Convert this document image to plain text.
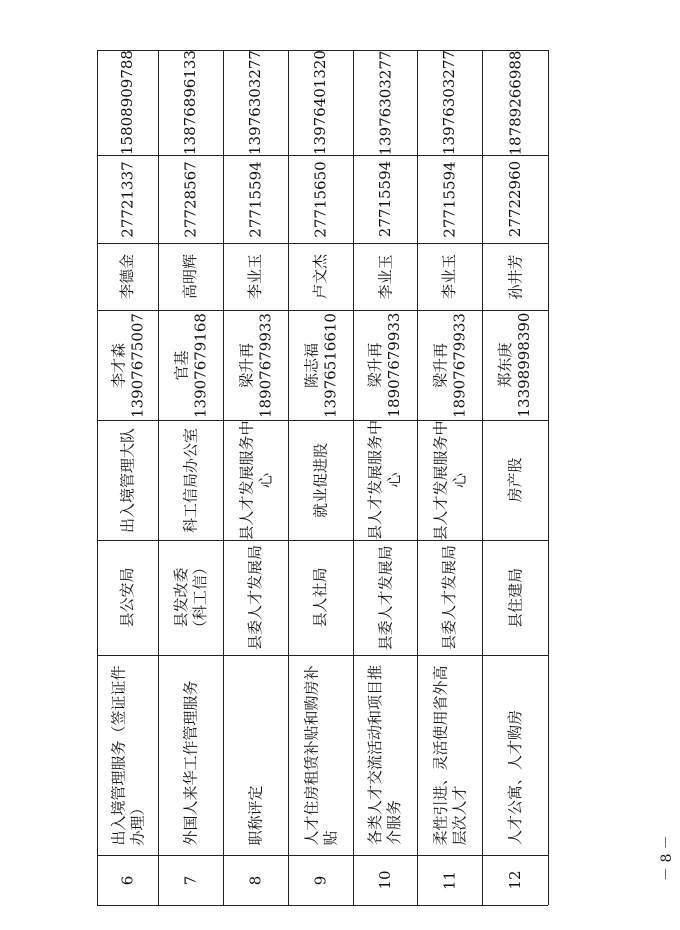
15808909788
27721337
李德金
李才森 13907675007
出入境管理大队
县公安局
出入境管理服务（签证证件办理）
6
13876896133
27728567
高明辉
官基 13907679168
科工信局办公室
县发改委 （科工信）
外国人来华工作管理服务
7
13976303277
27715594
李业玉
梁升再 18907679933
县人才发展服务中心
县委人才发展局
职称评定
8
13976401320
27715650
卢文杰
陈志福 13976516610
就业促进股
县人社局
人才住房租赁补贴和购房补贴
9
13976303277
27715594
李业玉
梁升再 18907679933
县人才发展服务中心
县委人才发展局
各类人才交流活动和项目推介服务
10
13976303277
27715594
李业玉
梁升再 18907679933
县人才发展服务中心
县委人才发展局
柔性引进、灵活使用省外高层次人才
11
18789266988
27722960
孙井芳
郑东庚 13398998390
房产股
县住建局
人才公寓、人才购房
12	－ 8 －
